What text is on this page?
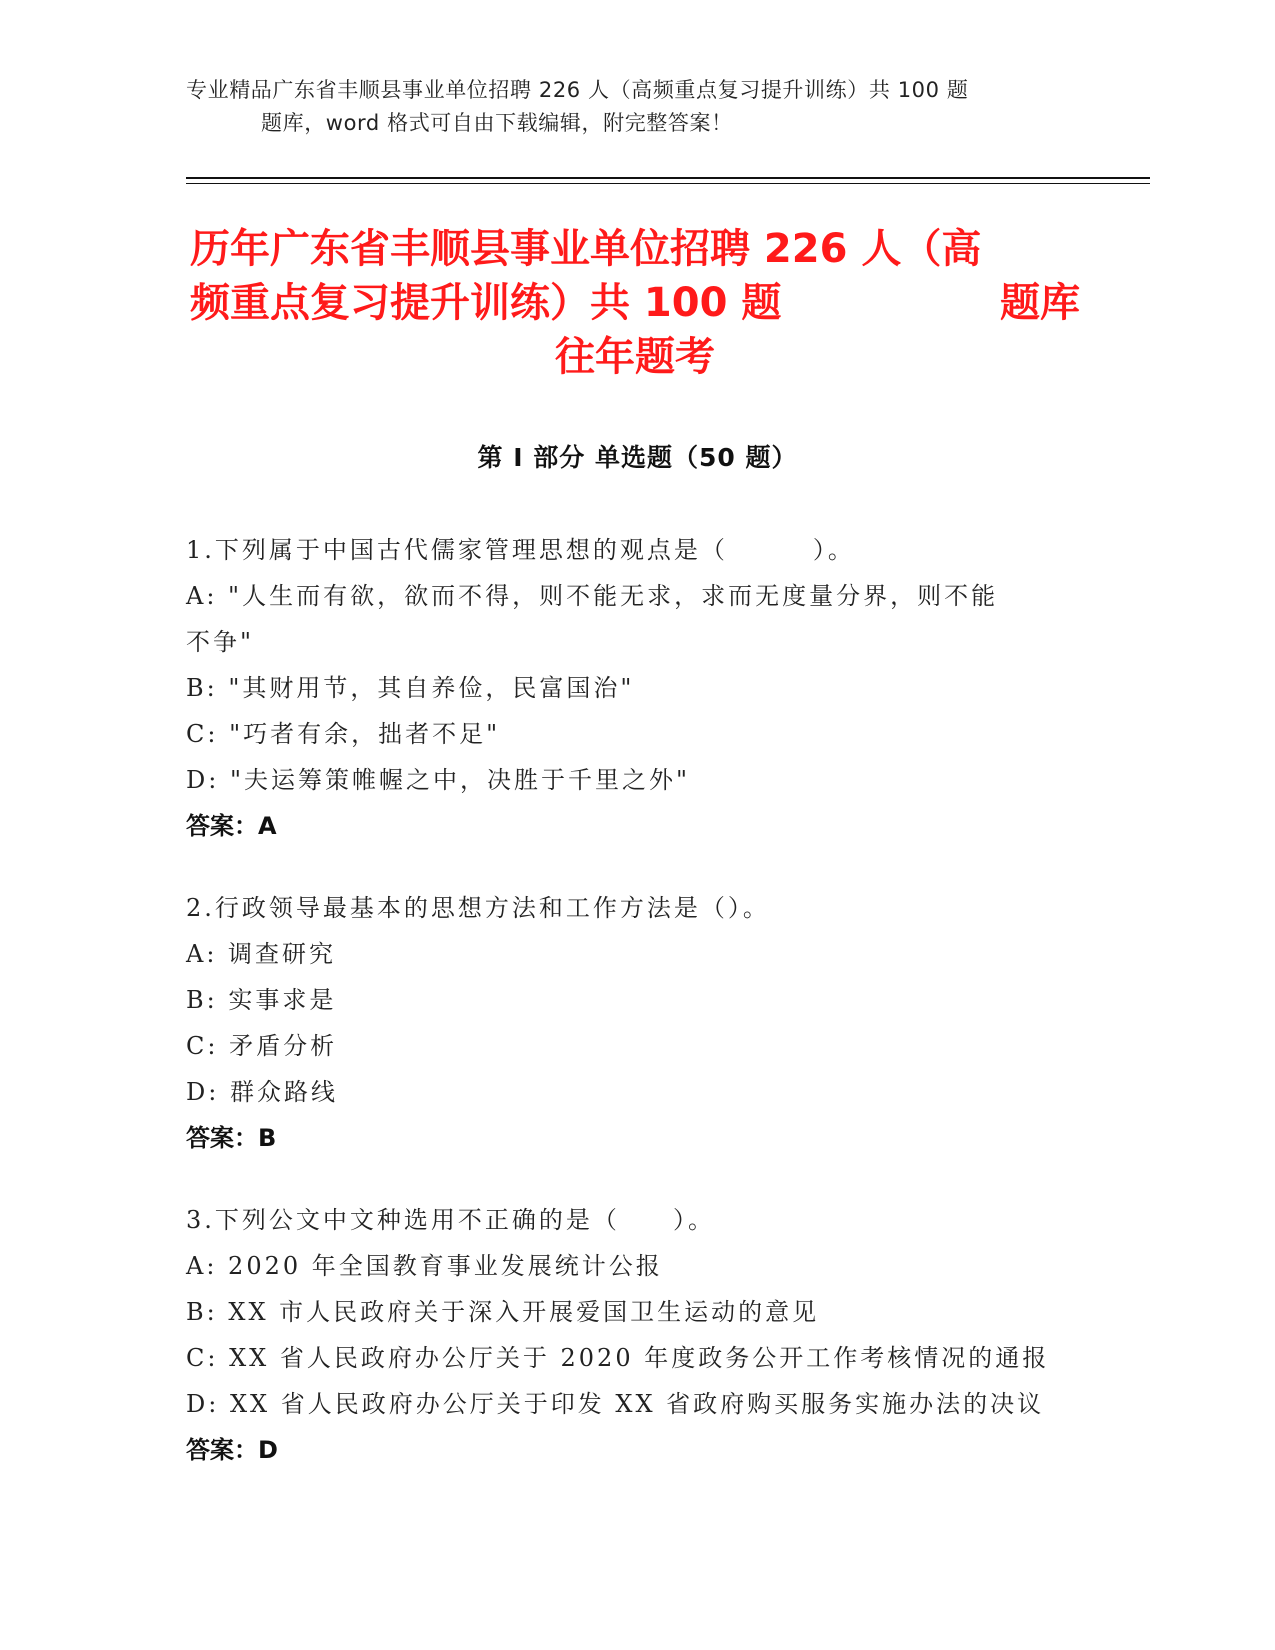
专业精品广东省丰顺县事业单位招聘 226 人（高频重点复习提升训练）共 100 题
题库，word 格式可自由下载编辑，附完整答案！
历年广东省丰顺县事业单位招聘 226 人（高
频重点复习提升训练）共 100 题	题库
往年题考
第 I 部分 单选题（50 题）
1.下列属于中国古代儒家管理思想的观点是（        ）。
A: "人生而有欲，欲而不得，则不能无求，求而无度量分界，则不能
不争"
B: "其财用节，其自养俭，民富国治"
C: "巧者有余，拙者不足"
D: "夫运筹策帷幄之中，决胜于千里之外"
答案：A
2.行政领导最基本的思想方法和工作方法是（）。
A: 调查研究
B: 实事求是
C: 矛盾分析
D: 群众路线
答案：B
3.下列公文中文种选用不正确的是（     ）。
A: 2020 年全国教育事业发展统计公报
B: XX 市人民政府关于深入开展爱国卫生运动的意见
C: XX 省人民政府办公厅关于 2020 年度政务公开工作考核情况的通报
D: XX 省人民政府办公厅关于印发 XX 省政府购买服务实施办法的决议
答案：D
